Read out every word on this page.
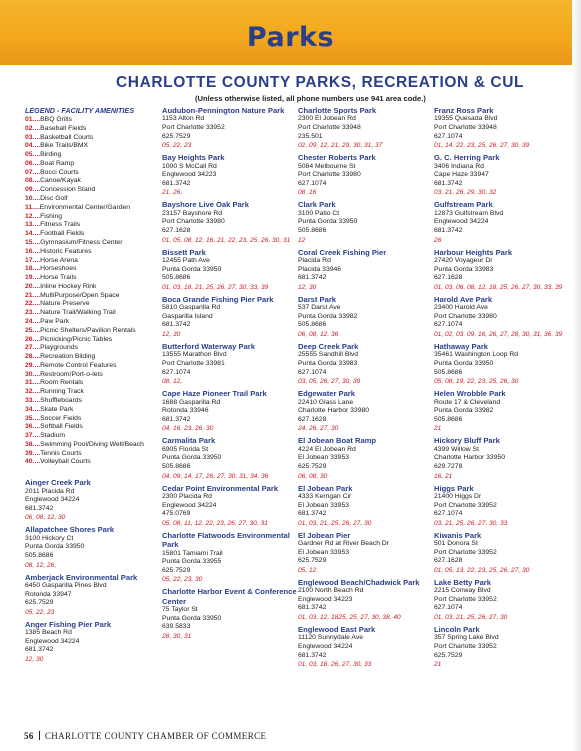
Parks
CHARLOTTE COUNTY PARKS, RECREATION & CUL
(Unless otherwise listed, all phone numbers use 941 area code.)
LEGEND - FACILITY AMENITIES
01....BBQ Grills
02....Baseball Fields
03....Basketball Courts
04....Bike Trails/BMX
05....Birding
06....Boat Ramp
07....Bocci Courts
08....Canoe/Kayak
09....Concession Stand
10....Disc Golf
11....Environmental Center/Garden
12....Fishing
13....Fitness Trails
14....Football Fields
15....Gymnasium/Fitness Center
16....Historic Features
17....Horse Arena
18....Horseshoes
19....Horse Trails
20....Inline Hockey Rink
21....MultiPurpose/Open Space
22....Nature Preserve
23....Nature Trail/Walking Trail
24....Paw Park
25....Picnic Shelters/Pavilion Rentals
26....Picnicking/Picnic Tables
27....Playgrounds
28....Recreation Bilding
29....Remote Control Features
30....Restroom/Port-o-lets
31....Room Rentals
32....Running Track
33....Shuffleboards
34....Skate Park
35....Soccer Fields
36....Softball Fields
37....Stadium
38....Swimming Pool/Diving Well/Beach
39....Tennis Courts
40....Volleyball Courts
Ainger Creek Park
2011 Placida Rd
Englewood 34224
681.3742
06, 08, 12, 30
Allapatchee Shores Park
3100 Hickory Ct
Punta Gorda 33950
505.8686
08, 12, 26,
Amberjack Environmental Park
6450 Gasparilla Pines Blvd
Rotonda 33947
625.7529
05, 22, 23
Anger Fishing Pier Park
1385 Beach Rd
Englewood 34224
681.3742
12, 30
Audubon-Pennington Nature Park
1153 Alton Rd
Port Charlotte 33952
625.7529
05, 22, 23
Bay Heights Park
1000 S McCall Rd
Englewood 34223
681.3742
21, 26,
Bayshore Live Oak Park
23157 Bayshore Rd
Port Charlotte 33980
627.1628
01, 05, 08, 12, 16, 21, 22, 23, 25, 26, 30, 31
Bissett Park
12455 Path Ave
Punta Gorda 33950
505.8686
01, 03, 18, 21, 25, 26, 27, 30, 33, 39
Boca Grande Fishing Pier Park
5810 Gasparilla Rd
Gasparilla Island
681.3742
12, 30
Butterford Waterway Park
13555 Marathon Blvd
Port Charlotte 33981
627.1074
08, 12,
Cape Haze Pioneer Trail Park
1688 Gasparilla Rd
Rotonda 33946
681.3742
04, 16, 23, 26, 30
Carmalita Park
6905 Florida St
Punta Gorda 33950
505.8686
04, 09, 14, 17, 26, 27, 30, 31, 34, 36
Cedar Point Environmental Park
2300 Placida Rd
Englewood 34224
475.0769
05, 08, 11, 12, 22, 23, 26, 27, 30, 31
Charlotte Flatwoods Environmental Park
15801 Tamiami Trail
Punta Gorda 33955
625.7529
05, 22, 23, 30
Charlotte Harbor Event & Conference Center
75 Taylor St
Punta Gorda 33950
639.5833
28, 30, 31
Charlotte Sports Park
2300 El Jobean Rd
Port Charlotte 33948
235.501
02, 09, 12, 21, 29, 30, 31, 37
Chester Roberts Park
5084 Melbourne St
Port Charlotte 33980
627.1074
08, 16
Clark Park
3100 Patio Ct
Punta Gorda 33950
505.8686
12
Coral Creek Fishing Pier
Placida Rd
Placida 33946
681.3742
12, 30
Darst Park
537 Darst Ave
Punta Gorda 33982
505.8686
06, 08, 12, 36
Deep Creek Park
25555 Sandhill Blvd
Punta Gorda 33983
627.1074
03, 05, 26, 27, 30, 39
Edgewater Park
22410 Glass Lane
Charlotte Harbor 33980
627.1628
24, 26, 27, 30
El Jobean Boat Ramp
4224 El Jobean Rd
El Jobean 33953
625.7529
06, 08, 30
El Jobean Park
4333 Kerrigan Cir
El Jobean 33953
681.3742
01, 03, 21, 25, 26, 27, 30
El Jobean Pier
Gardner Rd at River Beach Dr
El Jobean 33953
625.7529
05, 12
Englewood Beach/Chadwick Park
2100 North Beach Rd
Englewood 34223
681.3742
01, 03, 12, 1825, 25, 27, 30, 38, 40
Englewood East Park
11120 Sunnydale Ave
Englewood 34224
681.3742
01, 03, 18, 26, 27, 30, 33
Franz Ross Park
19355 Quesada Blvd
Port Charlotte 33948
627.1074
01, 14, 22, 23, 25, 26, 27, 30, 39
G. C. Herring Park
3406 Indiana Rd
Cape Haze 33947
681.3742
03, 21, 26, 29, 30, 32
Gulfstream Park
12873 Gulfstream Blvd
Englewood 34224
681.3742
26
Harbour Heights Park
27420 Voyageur Dr
Punta Gorda 33983
627.1628
01, 03, 06, 08, 12, 18, 25, 26, 27, 30, 33, 39
Harold Ave Park
23400 Harold Ave
Port Charlotte 33980
627.1074
01, 02, 03, 09, 16, 26, 27, 28, 30, 31, 36, 39
Hathaway Park
35461 Washington Loop Rd
Punta Gorda 33950
505.8686
05, 08, 19, 22, 23, 25, 26, 30
Helen Wrobble Park
Route 17 & Cleveland
Punta Gorda 33982
505.8686
21
Hickory Bluff Park
4399 Willow St
Charlotte Harbor 33950
629.7278
16, 21
Higgs Park
21400 Higgs Dr
Port Charlotte 33952
627.1074
03, 21, 25, 26, 27, 30, 33
Kiwanis Park
501 Donora St
Port Charlotte 33952
627.1628
01, 05, 13, 22, 23, 25, 26, 27, 30
Lake Betty Park
2215 Conway Blvd
Port Charlotte 33952
627.1074
01, 03, 21, 25, 26, 27, 30
Lincoln Park
357 Spring Lake Blvd
Port Charlotte 33952
625.7529
21
56 CHARLOTTE COUNTY CHAMBER OF COMMERCE
